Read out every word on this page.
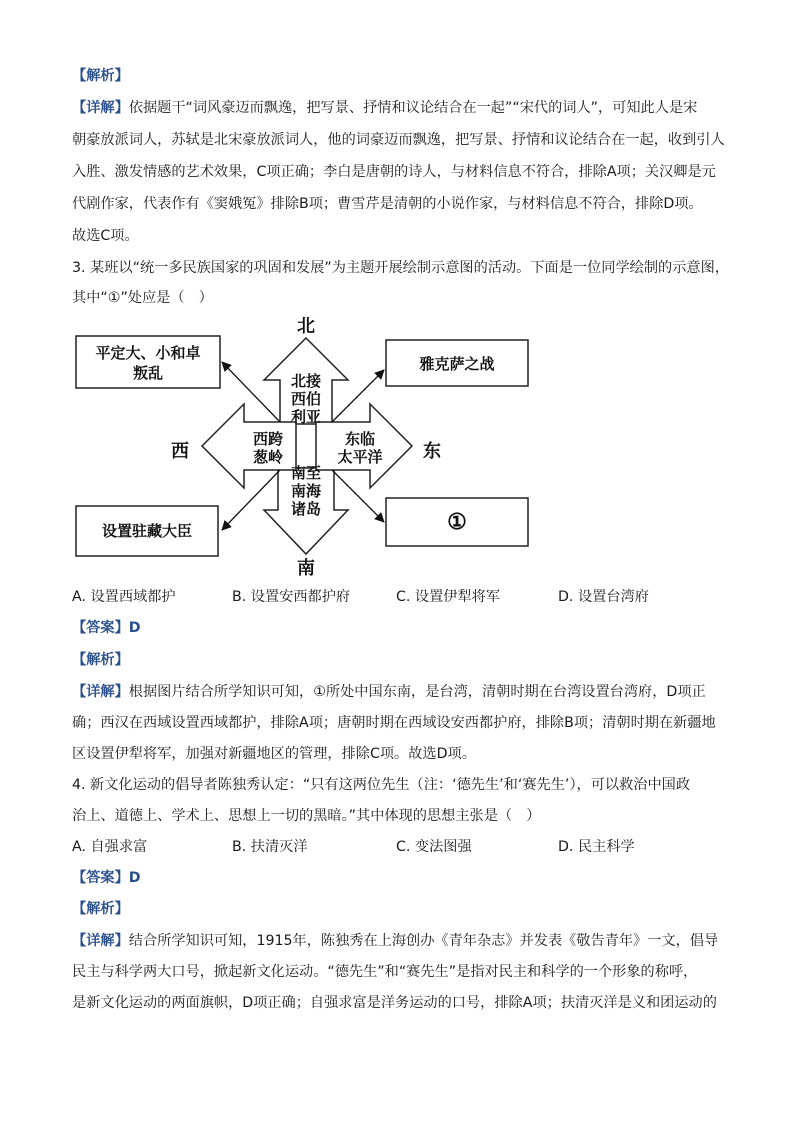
【解析】
【详解】依据题干“词风豪迈而飘逸，把写景、抒情和议论结合在一起”“宋代的词人”，可知此人是宋
朝豪放派词人，苏轼是北宋豪放派词人，他的词豪迈而飘逸，把写景、抒情和议论结合在一起，收到引人
入胜、激发情感的艺术效果，C项正确；李白是唐朝的诗人，与材料信息不符合，排除A项；关汉卿是元
代剧作家，代表作有《窦娥冤》排除B项；曹雪芹是清朝的小说作家，与材料信息不符合，排除D项。
故选C项。
3. 某班以“统一多民族国家的巩固和发展”为主题开展绘制示意图的活动。下面是一位同学绘制的示意图，
其中“①”处应是（　）
北
南
西	东
北接
西伯
利亚
西跨
葱岭
东临
太平洋
南至
南海
诸岛
平定大、小和卓
叛乱	雅克萨之战
设置驻藏大臣	①
A. 设置西域都护	B. 设置安西都护府	C. 设置伊犁将军	D. 设置台湾府
【答案】D
【解析】
【详解】根据图片结合所学知识可知，①所处中国东南，是台湾，清朝时期在台湾设置台湾府，D项正
确；西汉在西域设置西域都护，排除A项；唐朝时期在西域设安西都护府，排除B项；清朝时期在新疆地
区设置伊犁将军，加强对新疆地区的管理，排除C项。故选D项。
4. 新文化运动的倡导者陈独秀认定：“只有这两位先生（注：‘德先生’和‘赛先生’），可以救治中国政
治上、道德上、学术上、思想上一切的黑暗。”其中体现的思想主张是（　）
A. 自强求富	B. 扶清灭洋	C. 变法图强	D. 民主科学
【答案】D
【解析】
【详解】结合所学知识可知，1915年，陈独秀在上海创办《青年杂志》并发表《敬告青年》一文，倡导
民主与科学两大口号，掀起新文化运动。“德先生”和“赛先生”是指对民主和科学的一个形象的称呼，
是新文化运动的两面旗帜，D项正确；自强求富是洋务运动的口号，排除A项；扶清灭洋是义和团运动的
